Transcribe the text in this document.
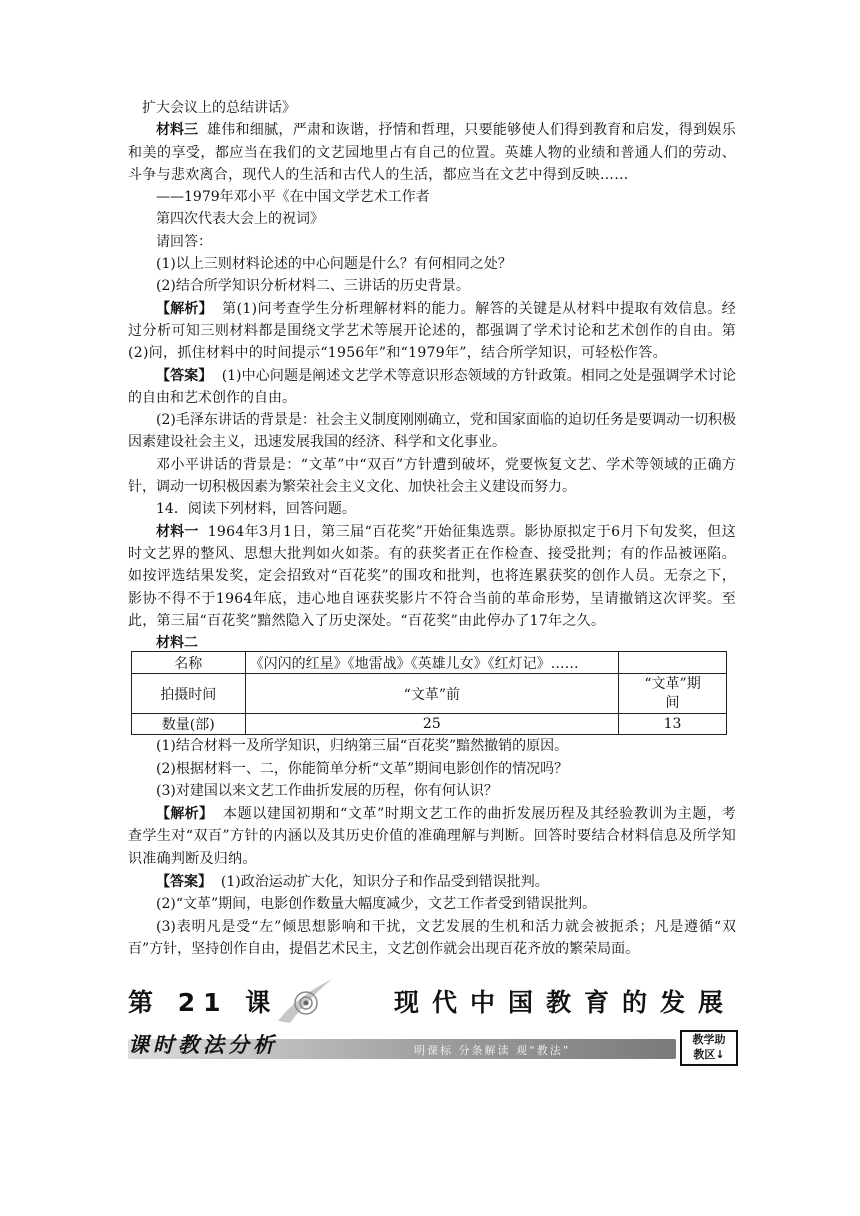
扩大会议上的总结讲话》

材料三 雄伟和细腻，严肃和诙谐，抒情和哲理，只要能够使人们得到教育和启发，得到娱乐和美的享受，都应当在我们的文艺园地里占有自己的位置。英雄人物的业绩和普通人们的劳动、斗争与悲欢离合，现代人的生活和古代人的生活，都应当在文艺中得到反映……

——1979年邓小平《在中国文学艺术工作者

第四次代表大会上的祝词》

请回答：

(1)以上三则材料论述的中心问题是什么？有何相同之处？

(2)结合所学知识分析材料二、三讲话的历史背景。

【解析】 第(1)问考查学生分析理解材料的能力。解答的关键是从材料中提取有效信息。经过分析可知三则材料都是围绕文学艺术等展开论述的，都强调了学术讨论和艺术创作的自由。第(2)问，抓住材料中的时间提示“1956年”和“1979年”，结合所学知识，可轻松作答。

【答案】 (1)中心问题是阐述文艺学术等意识形态领域的方针政策。相同之处是强调学术讨论的自由和艺术创作的自由。

(2)毛泽东讲话的背景是：社会主义制度刚刚确立，党和国家面临的迫切任务是要调动一切积极因素建设社会主义，迅速发展我国的经济、科学和文化事业。

邓小平讲话的背景是：“文革”中“双百”方针遭到破坏，党要恢复文艺、学术等领域的正确方针，调动一切积极因素为繁荣社会主义文化、加快社会主义建设而努力。

14．阅读下列材料，回答问题。

材料一 1964年3月1日，第三届“百花奖”开始征集选票。影协原拟定于6月下旬发奖，但这时文艺界的整风、思想大批判如火如荼。有的获奖者正在作检查、接受批判；有的作品被诬陷。如按评选结果发奖，定会招致对“百花奖”的围攻和批判，也将连累获奖的创作人员。无奈之下，影协不得不于1964年底，违心地自诬获奖影片不符合当前的革命形势，呈请撤销这次评奖。至此，第三届“百花奖”黯然隐入了历史深处。“百花奖”由此停办了17年之久。

材料二

名称	《闪闪的红星》《地雷战》《英雄儿女》《红灯记》……	
拍摄时间	“文革”前	“文革”期
间

数量(部)	25	13

(1)结合材料一及所学知识，归纳第三届“百花奖”黯然撤销的原因。

(2)根据材料一、二，你能简单分析“文革”期间电影创作的情况吗？

(3)对建国以来文艺工作曲折发展的历程，你有何认识？

【解析】 本题以建国初期和“文革”时期文艺工作的曲折发展历程及其经验教训为主题，考查学生对“双百”方针的内涵以及其历史价值的准确理解与判断。回答时要结合材料信息及所学知识准确判断及归纳。

【答案】 (1)政治运动扩大化，知识分子和作品受到错误批判。

(2)“文革”期间，电影创作数量大幅度减少，文艺工作者受到错误批判。

(3)表明凡是受“左”倾思想影响和干扰，文艺发展的生机和活力就会被扼杀；凡是遵循“双百”方针，坚持创作自由，提倡艺术民主，文艺创作就会出现百花齐放的繁荣局面。

第 21 课	现代中国教育的发展
课时教法分析	明课标 分条解读 观“教法”
教学助
教区↓
